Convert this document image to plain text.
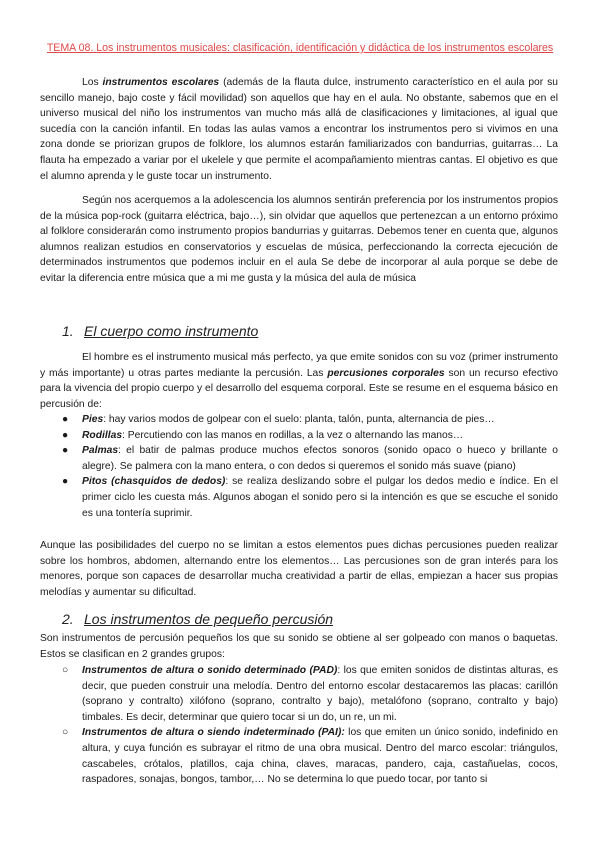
TEMA 08. Los instrumentos musicales: clasificación, identificación y didáctica de los instrumentos escolares

Los instrumentos escolares (además de la flauta dulce, instrumento característico en el aula por su sencillo manejo, bajo coste y fácil movilidad) son aquellos que hay en el aula. No obstante, sabemos que en el universo musical del niño los instrumentos van mucho más allá de clasificaciones y limitaciones, al igual que sucedía con la canción infantil. En todas las aulas vamos a encontrar los instrumentos pero si vivimos en una zona donde se priorizan grupos de folklore, los alumnos estarán familiarizados con bandurrias, guitarras… La flauta ha empezado a variar por el ukelele y que permite el acompañamiento mientras cantas. El objetivo es que el alumno aprenda y le guste tocar un instrumento.

Según nos acerquemos a la adolescencia los alumnos sentirán preferencia por los instrumentos propios de la música pop-rock (guitarra eléctrica, bajo…), sin olvidar que aquellos que pertenezcan a un entorno próximo al folklore considerarán como instrumento propios bandurrias y guitarras. Debemos tener en cuenta que, algunos alumnos realizan estudios en conservatorios y escuelas de música, perfeccionando la correcta ejecución de determinados instrumentos que podemos incluir en el aula Se debe de incorporar al aula porque se debe de evitar la diferencia entre música que a mi me gusta y la música del aula de música

1. El cuerpo como instrumento

El hombre es el instrumento musical más perfecto, ya que emite sonidos con su voz (primer instrumento y más importante) u otras partes mediante la percusión. Las percusiones corporales son un recurso efectivo para la vivencia del propio cuerpo y el desarrollo del esquema corporal. Este se resume en el esquema básico en percusión de:

● Pies: hay varios modos de golpear con el suelo: planta, talón, punta, alternancia de pies…
● Rodillas: Percutiendo con las manos en rodillas, a la vez o alternando las manos…
● Palmas: el batir de palmas produce muchos efectos sonoros (sonido opaco o hueco y brillante o alegre). Se palmera con la mano entera, o con dedos si queremos el sonido más suave (piano)
● Pitos (chasquidos de dedos): se realiza deslizando sobre el pulgar los dedos medio e índice. En el primer ciclo les cuesta más. Algunos abogan el sonido pero si la intención es que se escuche el sonido es una tontería suprimir.

Aunque las posibilidades del cuerpo no se limitan a estos elementos pues dichas percusiones pueden realizar sobre los hombros, abdomen, alternando entre los elementos… Las percusiones son de gran interés para los menores, porque son capaces de desarrollar mucha creatividad a partir de ellas, empiezan a hacer sus propias melodías y aumentar su dificultad.

2. Los instrumentos de pequeño percusión

Son instrumentos de percusión pequeños los que su sonido se obtiene al ser golpeado con manos o baquetas. Estos se clasifican en 2 grandes grupos:

○ Instrumentos de altura o sonido determinado (PAD): los que emiten sonidos de distintas alturas, es decir, que pueden construir una melodía. Dentro del entorno escolar destacaremos las placas: carillón (soprano y contralto) xilófono (soprano, contralto y bajo), metalófono (soprano, contralto y bajo) timbales. Es decir, determinar que quiero tocar si un do, un re, un mi.
○ Instrumentos de altura o siendo indeterminado (PAI): los que emiten un único sonido, indefinido en altura, y cuya función es subrayar el ritmo de una obra musical. Dentro del marco escolar: triángulos, cascabeles, crótalos, platillos, caja china, claves, maracas, pandero, caja, castañuelas, cocos, raspadores, sonajas, bongos, tambor,… No se determina lo que puedo tocar, por tanto si
